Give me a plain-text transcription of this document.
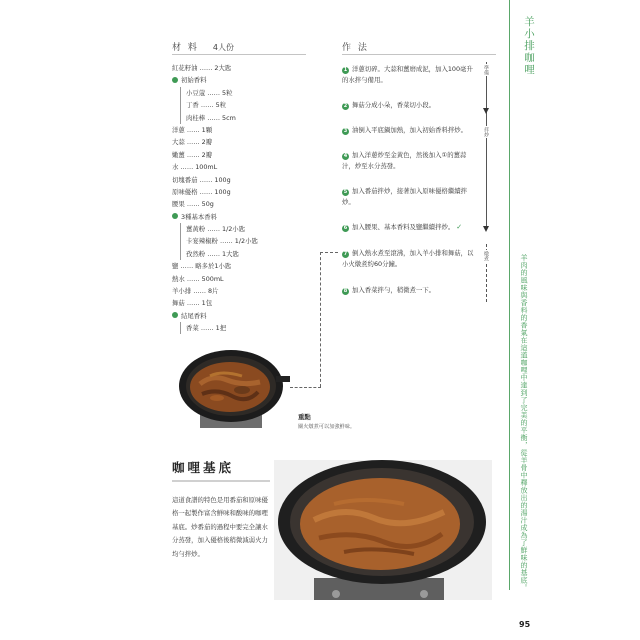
材 料 4人份
紅花籽油 …… 2大匙
初始香料
小豆蔻 …… 5粒
丁香 …… 5粒
肉桂棒 …… 5cm
洋蔥 …… 1顆
大蒜 …… 2瓣
嫩薑 …… 2瓣
水 …… 100mL
切塊番茄 …… 100g
原味優格 …… 100g
腰果 …… 50g
3種基本香料
薑黃粉 …… 1/2小匙
卡宴辣椒粉 …… 1/2小匙
孜然粉 …… 1大匙
鹽 …… 略多於1小匙
熱水 …… 500mL
羊小排 …… 8片
舞菇 …… 1包
結尾香料
香菜 …… 1把
作 法
1 洋蔥切碎。大蒜和薑磨成泥，加入100毫升的水拌勻備用。
2 舞菇分成小朵，香菜切小段。
3 油倒入平底鍋加熱，加入初始香料拌炒。
4 加入洋蔥炒至金黃色，然後加入①的薑蒜汁，炒至水分蒸發。
5 加入番茄拌炒，接著加入原味優格繼續拌炒。
6 加入腰果、基本香料及鹽繼續拌炒。 ✓
7 倒入熱水煮至滾沸，加入羊小排和舞菇，以小火燉煮約60分鐘。
8 加入香菜拌勻，稍微煮一下。
準備
拌炒
燉煮
重點
關火燉煮可以加強鮮味。
咖哩基底
這道食譜的特色是用番茄和原味優格一起製作富含鮮味和酸味的咖哩基底。炒番茄的過程中要完全讓水分蒸發，加入優格後稍微減弱火力均勻拌炒。
羊小排咖哩
羊肉的風味與香料的香氣在這道咖哩中達到了完美的平衡，從羊骨中釋放出的湯汁成為了鮮味的基底。
95
